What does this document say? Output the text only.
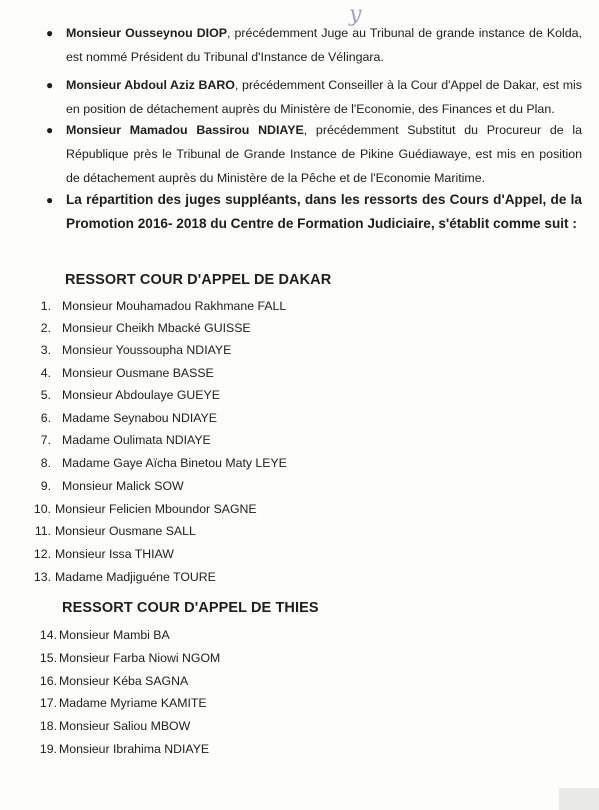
y
●	Monsieur Ousseynou DIOP, précédemment Juge au Tribunal de grande instance de Kolda, est nommé Président du Tribunal d'Instance de Vélingara.
●	Monsieur Abdoul Aziz BARO, précédemment Conseiller à la Cour d'Appel de Dakar, est mis en position de détachement auprès du Ministère de l'Economie, des Finances et du Plan.
●	Monsieur Mamadou Bassirou NDIAYE, précédemment Substitut du Procureur de la République près le Tribunal de Grande Instance de Pikine Guédiawaye, est mis en position de détachement auprès du Ministère de la Pêche et de l'Economie Maritime.
● La répartition des juges suppléants, dans les ressorts des Cours d'Appel, de la Promotion 2016- 2018 du Centre de Formation Judiciaire, s'établit comme suit :
RESSORT COUR D'APPEL DE DAKAR
1. Monsieur Mouhamadou Rakhmane FALL
2. Monsieur Cheikh Mbacké GUISSE
3. Monsieur Youssoupha NDIAYE
4. Monsieur Ousmane BASSE
5. Monsieur Abdoulaye GUEYE
6. Madame Seynabou NDIAYE
7. Madame Oulimata NDIAYE
8. Madame Gaye Aïcha Binetou Maty LEYE
9. Monsieur Malick SOW
10. Monsieur Felicien Mboundor SAGNE
11. Monsieur Ousmane SALL
12. Monsieur Issa THIAW
13. Madame Madjiguéne TOURE
RESSORT COUR D'APPEL DE THIES
14. Monsieur Mambi BA
15. Monsieur Farba Niowi NGOM
16. Monsieur Kéba SAGNA
17. Madame Myriame KAMITE
18. Monsieur Saliou MBOW
19. Monsieur Ibrahima NDIAYE
